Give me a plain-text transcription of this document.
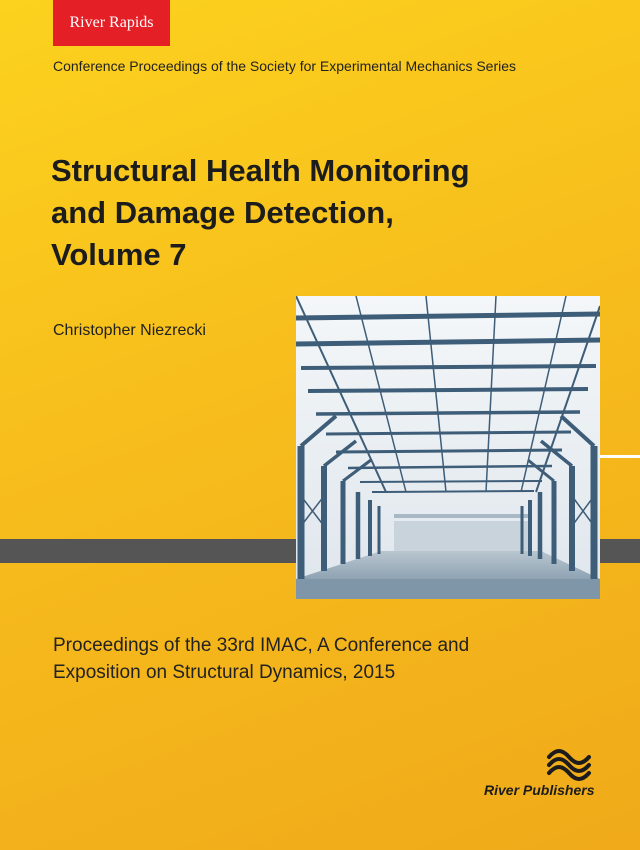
River Rapids
Conference Proceedings of the Society for Experimental Mechanics Series
Structural Health Monitoring
and Damage Detection,
Volume 7
Christopher Niezrecki
Proceedings of the 33rd IMAC, A Conference and
Exposition on Structural Dynamics, 2015
River Publishers
